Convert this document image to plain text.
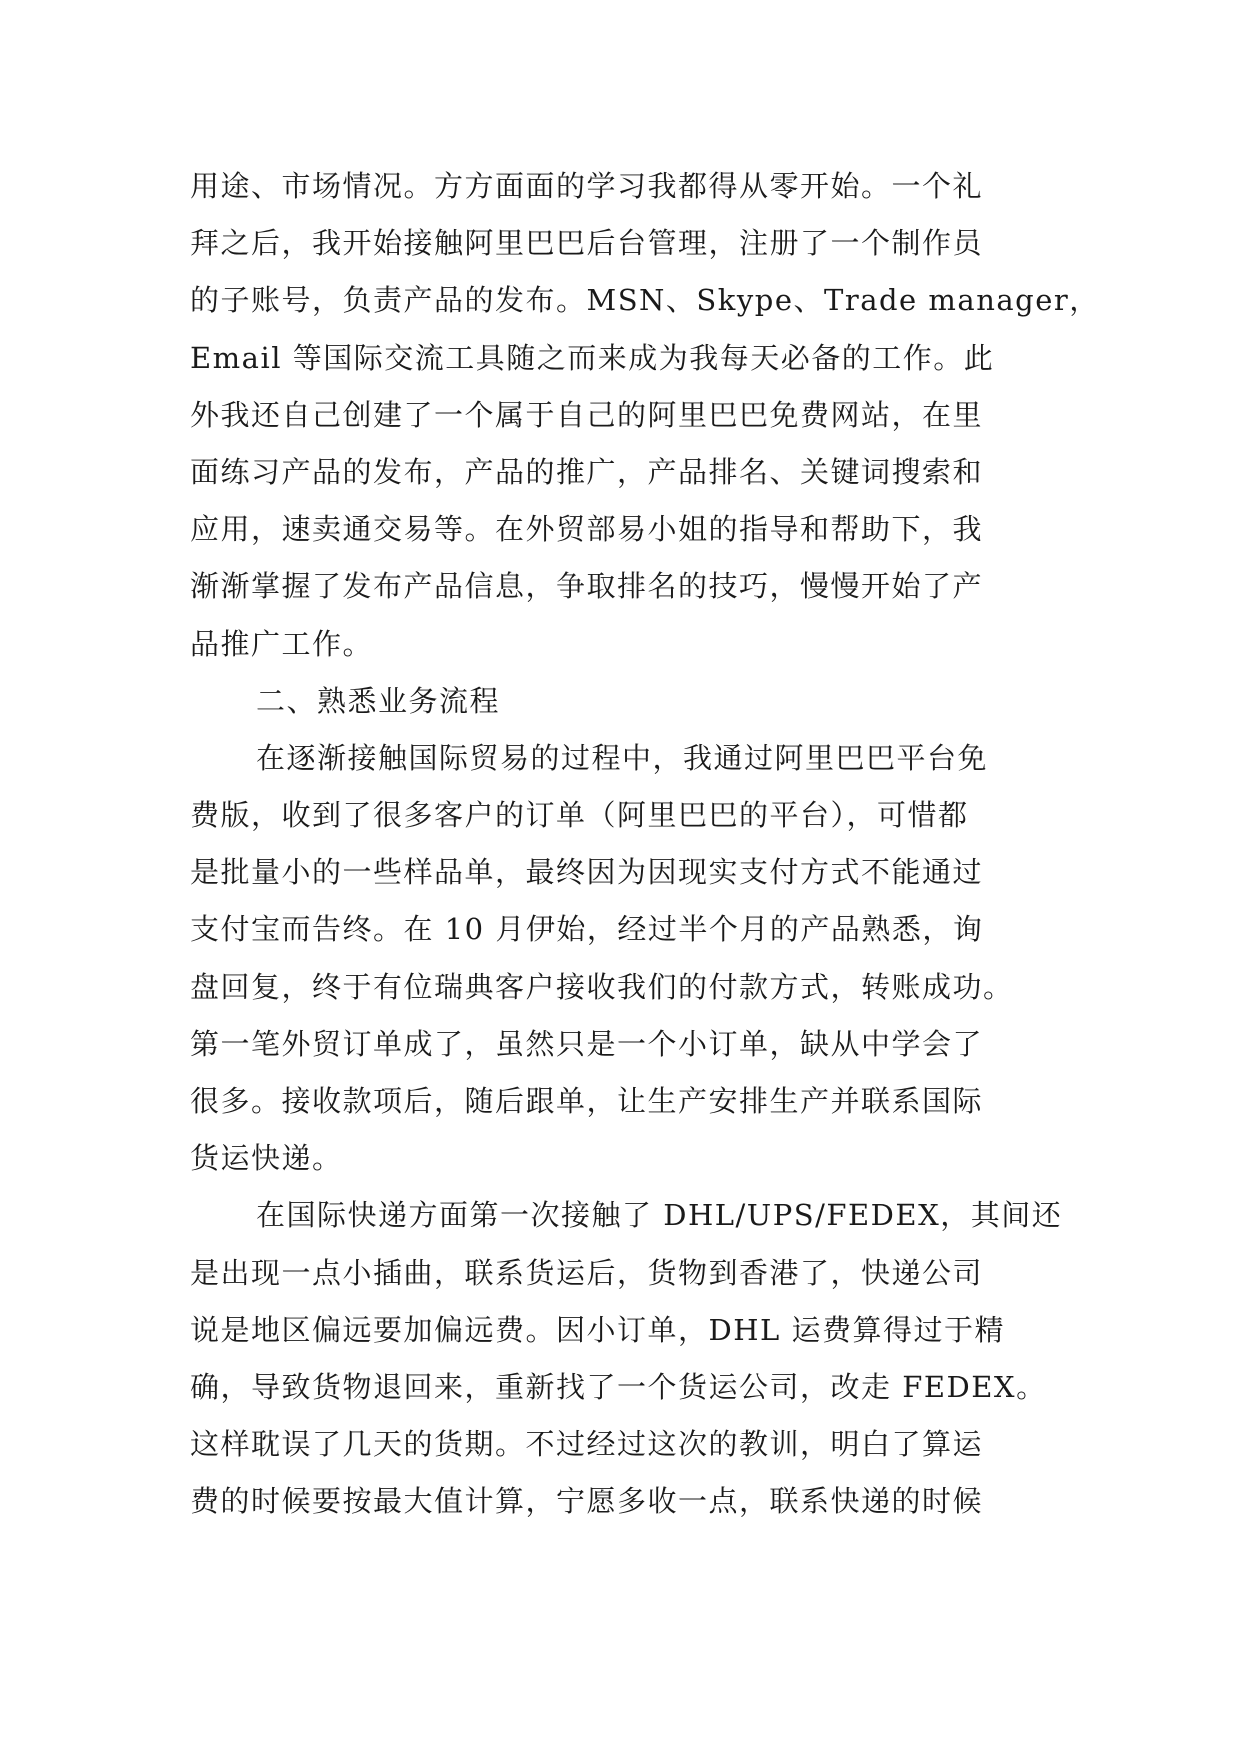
用途、市场情况。方方面面的学习我都得从零开始。一个礼
拜之后，我开始接触阿里巴巴后台管理，注册了一个制作员
的子账号，负责产品的发布。MSN、Skype、Trade manager，
Email 等国际交流工具随之而来成为我每天必备的工作。此
外我还自己创建了一个属于自己的阿里巴巴免费网站，在里
面练习产品的发布，产品的推广，产品排名、关键词搜索和
应用，速卖通交易等。在外贸部易小姐的指导和帮助下，我
渐渐掌握了发布产品信息，争取排名的技巧，慢慢开始了产
品推广工作。
二、熟悉业务流程
在逐渐接触国际贸易的过程中，我通过阿里巴巴平台免
费版，收到了很多客户的订单（阿里巴巴的平台），可惜都
是批量小的一些样品单，最终因为因现实支付方式不能通过
支付宝而告终。在 10 月伊始，经过半个月的产品熟悉，询
盘回复，终于有位瑞典客户接收我们的付款方式，转账成功。
第一笔外贸订单成了，虽然只是一个小订单，缺从中学会了
很多。接收款项后，随后跟单，让生产安排生产并联系国际
货运快递。
在国际快递方面第一次接触了 DHL/UPS/FEDEX，其间还
是出现一点小插曲，联系货运后，货物到香港了，快递公司
说是地区偏远要加偏远费。因小订单，DHL 运费算得过于精
确，导致货物退回来，重新找了一个货运公司，改走 FEDEX。
这样耽误了几天的货期。不过经过这次的教训，明白了算运
费的时候要按最大值计算，宁愿多收一点，联系快递的时候
